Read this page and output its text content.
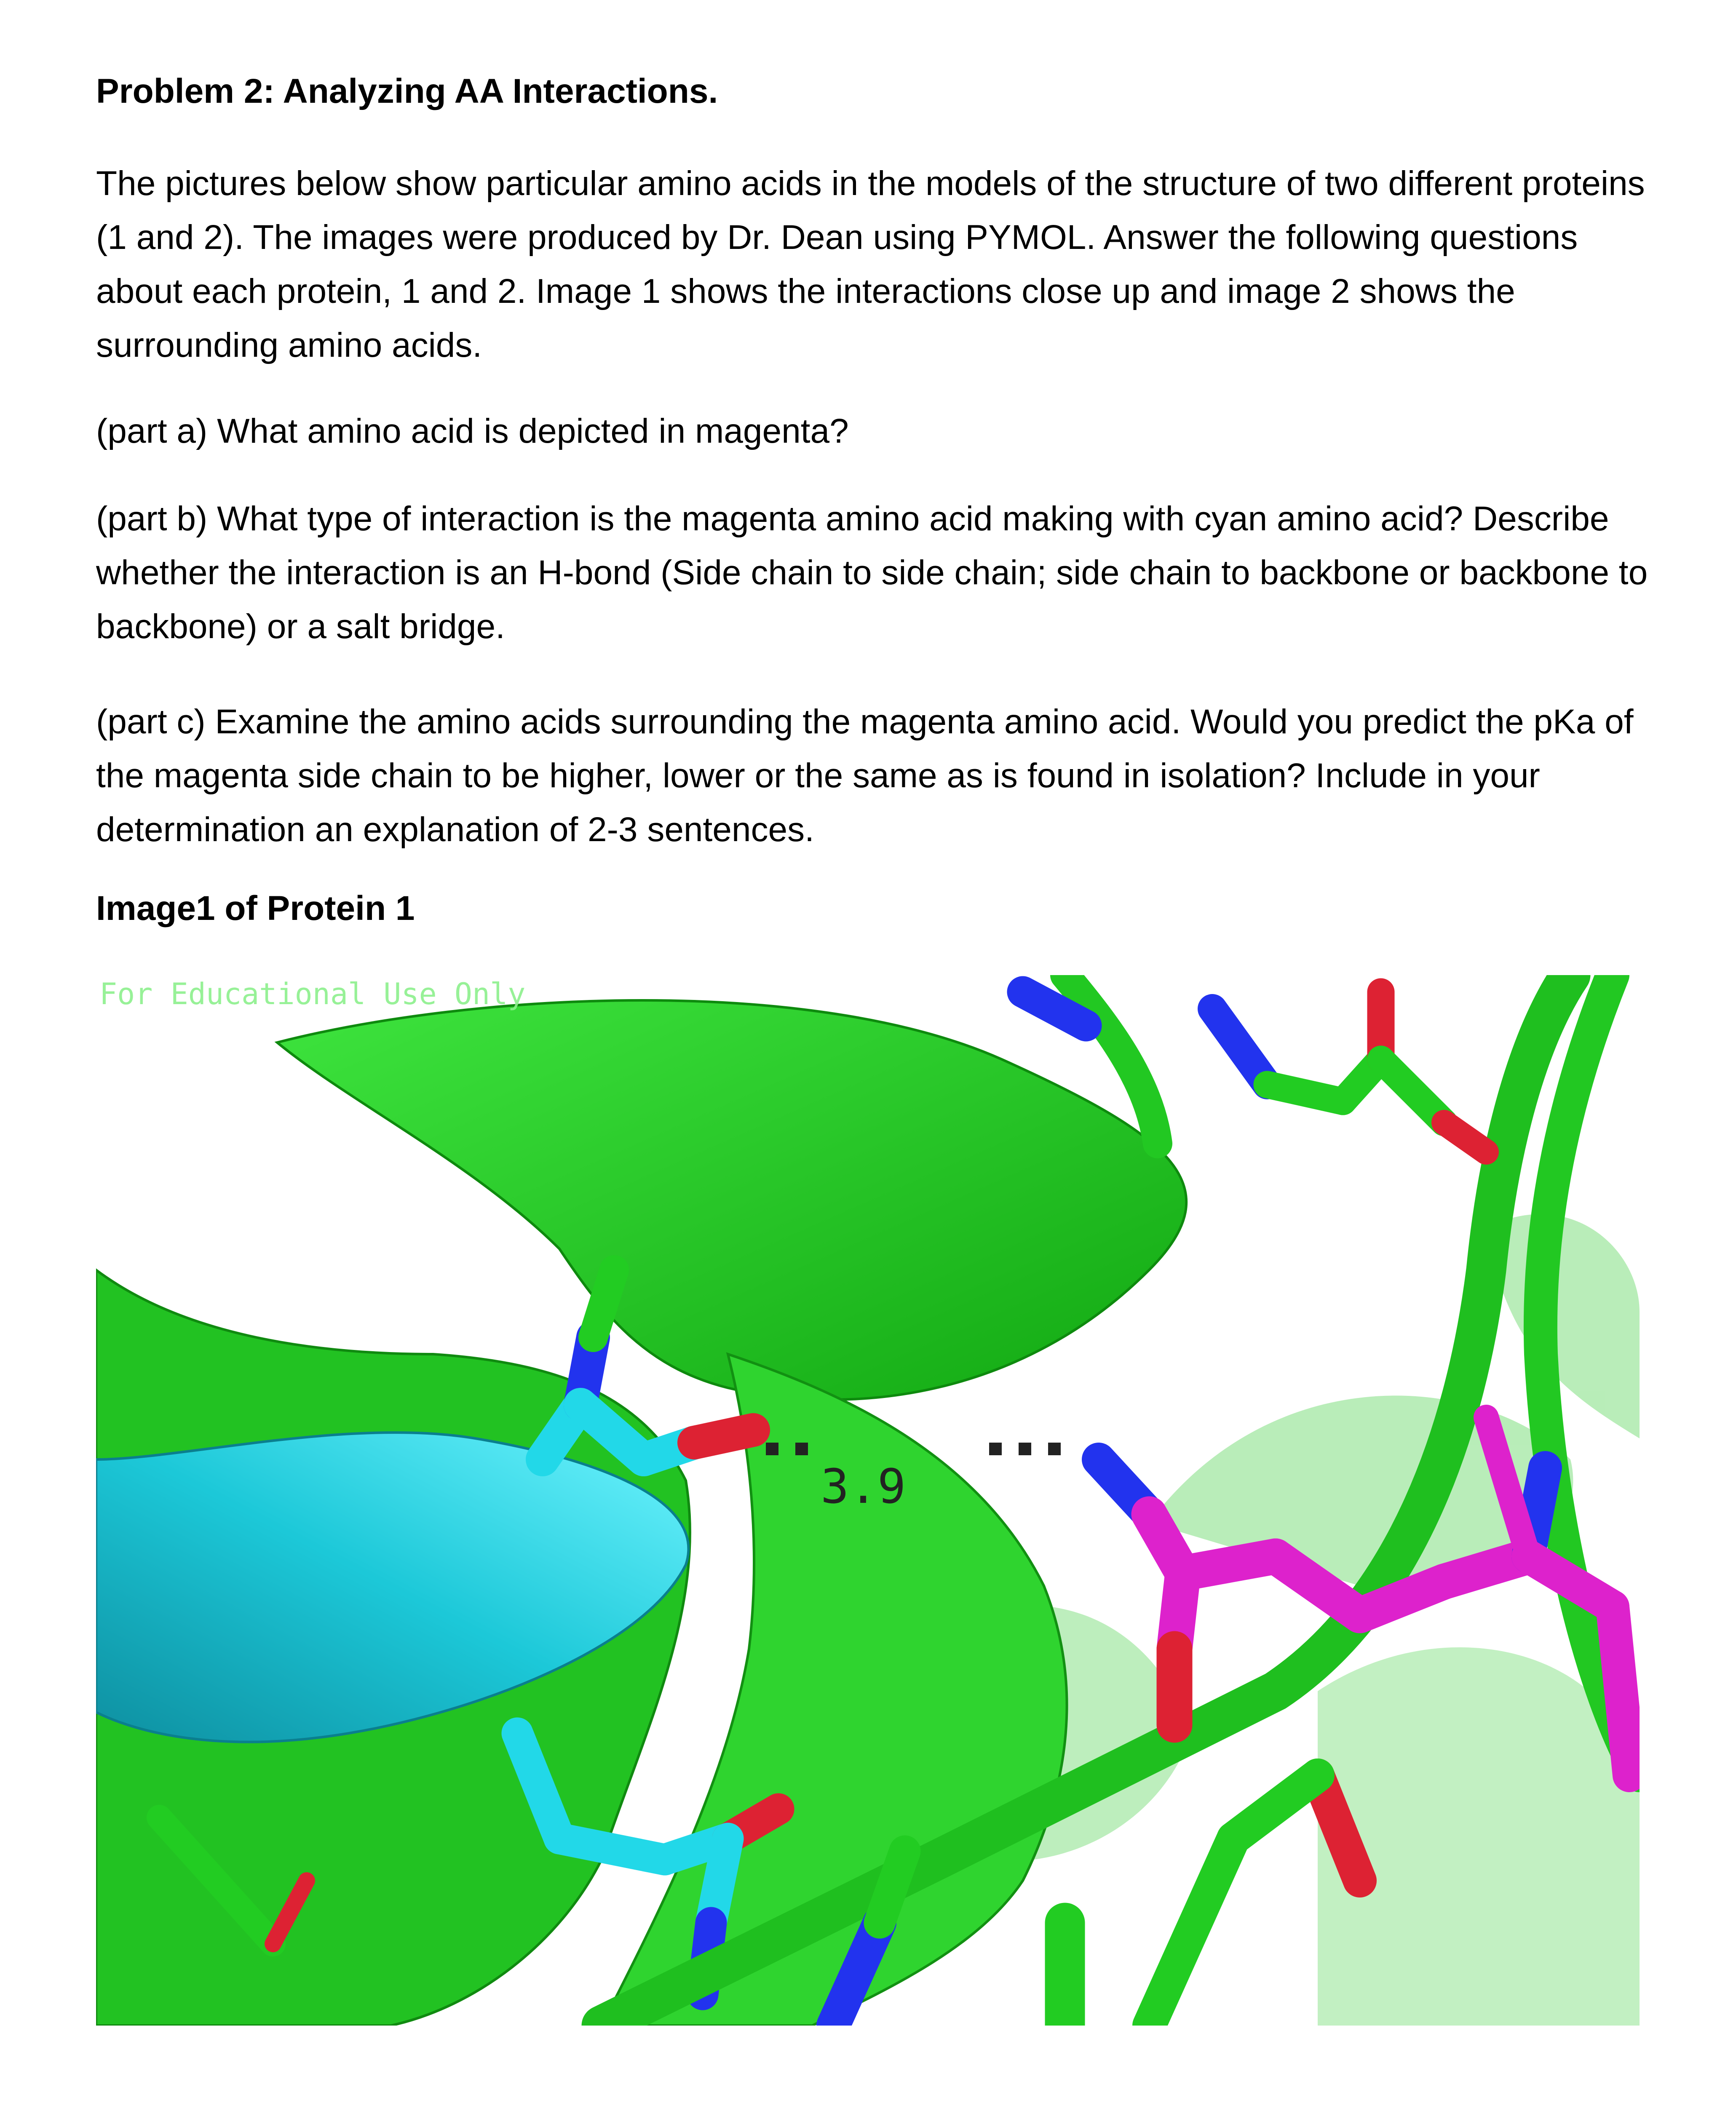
Problem 2: Analyzing AA Interactions.

The pictures below show particular amino acids in the models of the structure of two different proteins (1 and 2). The images were produced by Dr. Dean using PYMOL. Answer the following questions about each protein, 1 and 2. Image 1 shows the interactions close up and image 2 shows the surrounding amino acids.

(part a) What amino acid is depicted in magenta?

(part b) What type of interaction is the magenta amino acid making with cyan amino acid? Describe whether the interaction is an H-bond (Side chain to side chain; side chain to backbone or backbone to backbone) or a salt bridge.

(part c) Examine the amino acids surrounding the magenta amino acid. Would you predict the pKa of the magenta side chain to be higher, lower or the same as is found in isolation? Include in your determination an explanation of 2-3 sentences.

Image1 of Protein 1
For Educational Use Only
3.9
